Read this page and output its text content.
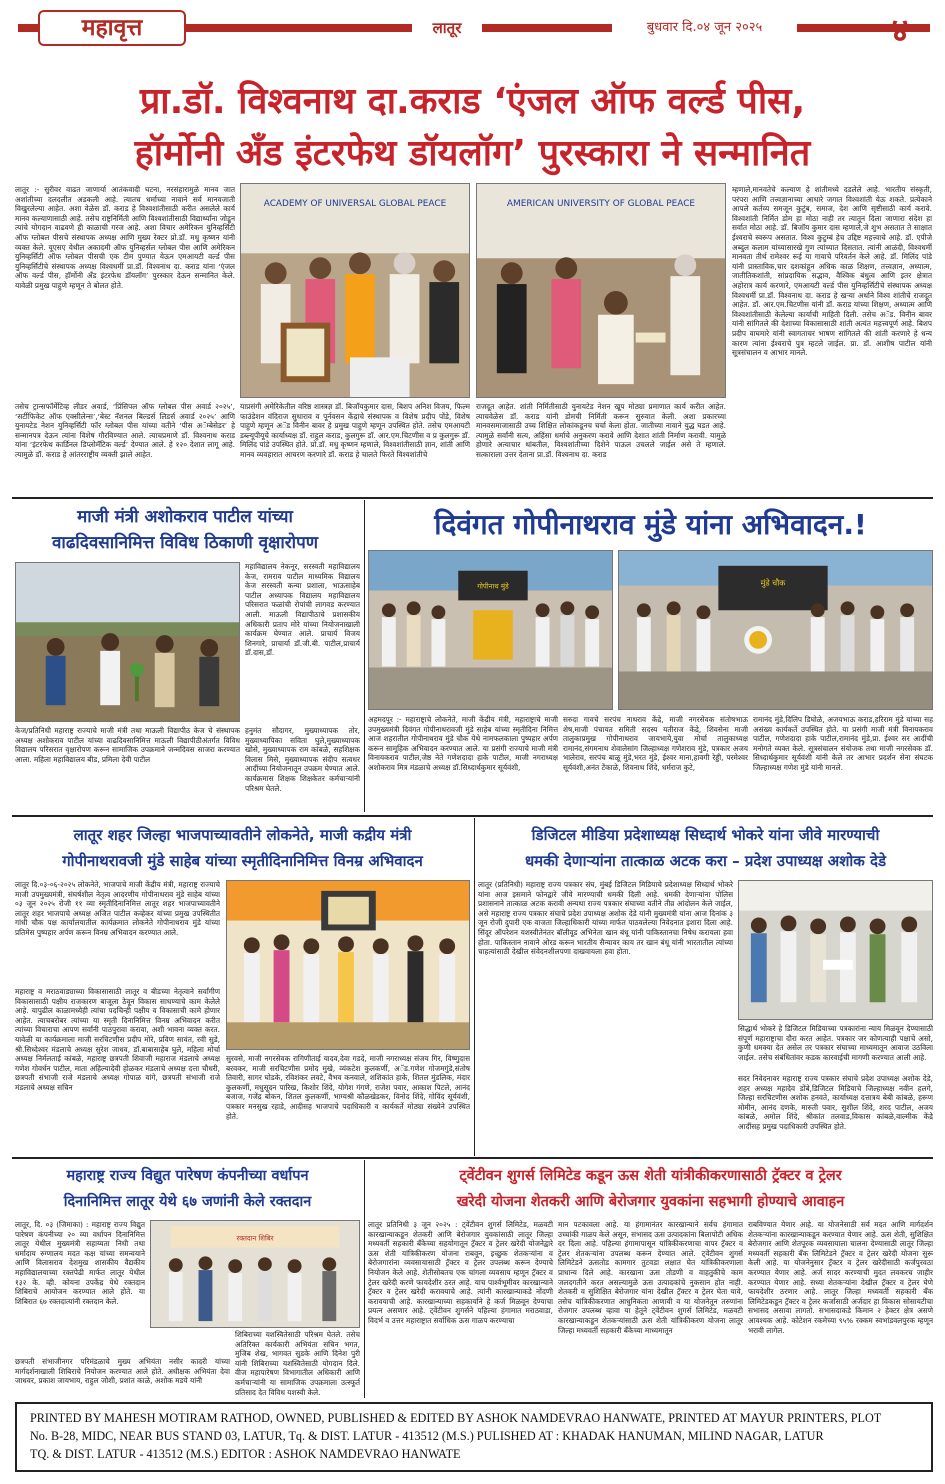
महावृत्त	लातूर	बुधवार दि.०४ जून २०२५	४
प्रा.डॉ. विश्वनाथ दा.कराड ‘एंजल ऑफ वर्ल्ड पीस,
हॉर्मोनी अँड इंटरफेथ डॉयलॉग’ पुरस्कारा ने सन्मानित
लातूर :- सुरीवर वाढत जाणार्या आतंकवादी घटना, नरसंहारामुळे मानव जात अशांतीच्या दलदलीत अडकली आहे. त्यातच धर्माच्या नावाने सर्व मानवजाती विखुरलेल्या आहेत. अशा वेळेस डॉ. कराड हे विश्वशांतीसाठी करीत असलेले कार्य मानव कल्याणासाठी आहे. तसेच राष्ट्रनिर्मिती आणि विश्वशांतीसाठी विद्यार्थ्यांना जोडून त्यांचे योगदान वाढवणे ही काळाची गरज आहे. अशा विचार अमेरिकन युनिव्हर्सिटी ऑफ ग्लोबल पीसचे संस्थापक अध्यक्ष आणि मुख्य रेक्टर प्रो.डॉ. मधु कृष्णन यांनी व्यक्त केले. यूएसए येथील अकादमी ऑफ युनिव्हर्सल ग्लोबल पीस आणि अमेरिकन युनिव्हर्सिटी ऑफ ग्लोबल पीसची एक टीम पुण्यात येऊन एमआयटी वर्ल्ड पीस युनिव्हर्सिटीचे संस्थापक अध्यक्ष विश्वधर्मी प्रा.डॉ. विश्वनाथ दा. कराड यांना ‘एंजल ऑफ वर्ल्ड पीस, हॉर्मोनी अँड इंटरफेथ डॉयलॉग’ पुरस्कार देऊन सन्मानित केले. यावेळी प्रमुख पाहुणे म्हणून ते बोलत होते.
ACADEMY OF UNIVERSAL GLOBAL PEACE	AMERICAN UNIVERSITY OF GLOBAL PEACE
म्हणाले,मानवतेचे कल्याण हे शांतीमध्ये दडलेले आहे. भारतीय संस्कृती, परंपरा आणि तत्त्वज्ञानाच्या आधारे जगात विश्वशांती येऊ शकते. प्रत्येकाने आपले कर्तव्य समजून कुटुंब, समाज, देश आणि सृष्टीसाठी कार्य करावे. विश्वशांती निर्मित डोम हा मोठा नाही तर त्यातून दिला जाणारा संदेश हा सर्वात मोठा आहे. डॉ. बिजॉय कुमार दास म्हणाले,जे शुभ असतात ते साक्षात ईश्वराचे स्वरूप असतात. विश्व कुटुम्बं हेच उद्दिष्ट महत्त्वाचे आहे. डॉ. एपीजे अब्दुल कलाम यांच्यासारखे गुण त्यांच्यात दिसतात. त्यांनी आळंदी, विश्वधर्मी मानवता तीर्थ रामेश्वर रूई या गावाचे परिवर्तन केले आहे. डॉ. मिलिंद पांडे यांनी प्रास्ताविक,चार दशकांहून अधिक काळ शिक्षण, तत्त्वज्ञान, अध्यात्म, जातीतिकशांती, सांप्रदायिक सद्भाव, वैश्विक बंधुत्व आणि इतर क्षेत्रात अहोरात्र कार्य करणारे, एमआयटी वर्ल्ड पीस युनिव्हर्सिटीचे संस्थापक अध्यक्ष विश्वधर्मी प्रा.डॉ. विश्वनाथ दा. कराड हे खऱ्या अर्थाने विश्व शांतीचे राजदूत आहेत. डॉ. आर.एम.चिटणीस यांनी डॉ. कराड यांच्या शिक्षण, अध्यात्म आणि विश्वशांतीसाठी केलेल्या कार्याची माहिती दिली. तसेच अॅड. विनीन बावर यांनी सांगितले की देशाच्या विकासासाठी शांती अत्यंत महत्त्वपूर्ण आहे. बिशप प्रदीप वाघमारे यांनी स्वागताचर भाषण सांगितले की शांती करणारे हे धन्य कारण त्यांना ईश्वराचे पुत्र म्हटले जाईल. प्रा. डॉ. आशीष पाटील यांनी सूत्रसंचालन व आभार मानले.
तसेच ट्रान्सफॉर्मेटिव्ह लीडर अवार्ड, ‘प्रिंसिपल ऑफ ग्लोबल पीस अवार्ड २०२५’, ‘सर्टीफिकेट ऑफ एक्सीलेन्स’,‘बेस्ट नॅशनल बिल्डर्स लिडर्स अवार्ड २०२५’ आणि युनायटेड नेशन युनिव्हर्सिटी फॉर ग्लोबल पीस यांच्या वतीने ‘पीस अॅम्बेसेडर’ हे सन्मानपत्र देऊन त्यांना विशेष गौरविण्यात आले. त्याचप्रमाणे डॉ. विश्वनाथ कराड यांना ‘इंटरफेथ कार्डिनल डिप्लोमॅटिक वर्ल्ड’ देण्यात आले. हे १२० देशात लागू आहे. त्यामुळे डॉ. कराड हे आंतरराष्ट्रीय व्यक्ती झाले आहेत.
याप्रसंगी अमेरिकेतील वरिष्ठ शास्त्रज्ञ डॉ. बिजॉयकुमार दास, बिशप अनिश विजय, फिल्म फाउंडेशन वंदिराज सुधाराव व पूर्नवसन केंद्राचे संस्थापक व विशेष प्रदीप पोंडे, विशेष पाहुणे म्हणून अॅड विनीन बावर हे प्रमुख पाहुणे म्हणून उपस्थित होते. तसेच एमआयटी डब्ल्यूपीयूचे कार्याध्यक्ष डॉ. राहुल कराड, कुलगुरू डॉ. आर.एम.चिटणीस व प्र कुलगुरू डॉ. मिलिंद पांडे उपस्थित होते. प्रो.डॉ. मधु कृष्णन म्हणाले, विश्वशांतीसाठी ज्ञान, शांती आणि मानव व्यवहारात आचरण करणारे डॉ. कराड हे चालते फिरते विश्वशांतीचे
राजदूत आहेत. शांती निर्मितीसाठी युनायटेड नेशन खूप मोठ्या प्रमाणात कार्य करीत आहेत. त्याचवेळेस डॉ. कराड यांनी डोमची निर्मिती करून सुरुवात केली. अशा प्रकारच्या मानवसमाजासाठी उच्च शिक्षित लोकांकडूनच चर्चा केला होता. जातीच्या नावाने युद्ध घडत आहे. त्यामुळे सर्वांनी सत्य, अहिंसा धर्माचे अनुकरण करावे आणि देशात शांती निर्माण करावी. यामुळे होणारे अत्याचार थांबतील, विश्वशांतीच्या दिशेने पाऊल उचलले जाईल असे ते म्हणाले. सत्काराला उत्तर देताना प्रा.डॉ. विश्वनाथ दा. कराड
माजी मंत्री अशोकराव पाटील यांच्या
वाढदिवसानिमित्त विविध ठिकाणी वृक्षारोपण
महाविद्यालय नेकनूर, सरस्वती महाविद्यालय केज, रामराव पाटील माध्यमिक विद्यालय केज सरस्वती कन्या प्रशाला, भाऊसाहेब पाटील अध्यापक विद्यालय महाविद्यालय परिसरात फळांची रोपांची लागवड करण्यात आली. माऊली विद्यापीठाचे प्रशासकीय अधिकारी प्रताप मोरे यांच्या नियोजनाखाली कार्यक्रम घेण्यात आले. प्राचार्य विजय शिनगारे, प्राचार्या डॉ.जी.बी. पाटील,प्राचार्य डॉ.दास,डॉ.
केज/प्रतिनिधी महाराष्ट्र राज्याचे माजी मंत्री तथा माऊली विद्यापीठ केज चे संस्थापक अध्यक्ष अशोकराव पाटील यांच्या वाढदिवसानिमित्त माऊली विद्यापीठीअंतर्गत विविध विद्यालय परिसरात वृक्षारोपण करून सामाजिक उपक्रमाने जन्मदिवस साजरा करण्यात आला. महिला महाविद्यालय बीड, प्रमिला देवी पाटील
हनुमंत सौदागर, मुख्याध्यापक तोर, मुख्याध्यापिका सविता घुले,मुख्याध्यापक खोसे, मुख्याध्यापक राम कांबळे, सहशिक्षक विलास मिसे, मुख्याध्यापक संदीप सत्वधर आदींच्या नियोजनातून उपक्रम घेण्यात आले. कार्यक्रमास शिक्षक शिक्षकेतर कर्मचाऱ्यांनी परिश्रम घेतले.
दिवंगत गोपीनाथराव मुंडे यांना अभिवादन.!
गोपीनाथ मुंडे	मुंडे चौक
अहमदपूर :- महाराष्ट्राचे लोकनेते, माजी केंद्रीय मंत्री, महाराष्ट्राचे माजी उपमुख्यमंत्री दिवंगत गोपीनाथरावजी मुंडे साहेब यांच्या स्मृतीदिना निमित्त आज शहरातील गोपीनाथराव मुंडे चौक येथे नामफलकाला पुष्पहार अर्पण करून सामूहिक अभिवादन करण्यात आले. या प्रसंगी राज्याचे माजी मंत्री विनायकराव पाटील,जेष्ठ नेते गणेशदादा हाके पाटील, माजी नगराध्यक्ष अशोकराव मित्र मंडळाचे अध्यक्ष डॉ.सिध्दार्थकुमार सूर्यवंशी,
सरुदा गावचे सरपंच नाथराव केंद्रे, माजी नगरसेवक संतोषभाऊ शेष,माजी पंचायत समिती सदस्य यतीराज केंद्रे, शिवसेना माजी तालुकाप्रमुख गोपीनाथराव जायभाये,युवा मोर्चा तालुकाध्यक्ष रामानंद,संगमनाथ शेवालेसांग जिल्हाध्यक्ष गणेशराव मुंडे, पत्रकार अजय भालेराव, सरपंच बाळू मुंडे,भरत मुंडे, ईश्वर माना,हावगी रेड्डी, परमेश्वर सूर्यवंशी,अनंत टेंकाळे, शिवनाथ शिंदे, धर्मराज कुटे,
रामानंद मुंडे,दिलिप डिघोळे, अजयभाऊ कराड,हरिराम मुंडे यांच्या सह असंख्य कार्यकर्ते उपस्थित होते. या प्रसंगी माजी मंत्री विनायकराव पाटील, गणेशदादा हाके पाटील,रामानंद मुंडे,प्रा. ईश्वर सर आदींची मनोगते व्यक्त केले. सूत्रसंचालन संयोजक तथा माजी नगरसेवक डॉ. सिध्दार्थकुमार सूर्यवंशी यांनी केले तर आभार प्रदर्शन सेना संघटक जिल्हाध्यक्ष गणेश मुंडे यांनी मानले.
लातूर शहर जिल्हा भाजपाच्यावतीने लोकनेते, माजी कद्रीय मंत्री
गोपीनाथरावजी मुंडे साहेब यांच्या स्मृतीदिनानिमित्त विनम्र अभिवादन
लातूर दि.०३-०६-२०२५ लोकनेते, भाजपाचे माजी केंद्रीय मंत्री, महाराष्ट्र राज्याचे माजी उपमुख्यमंत्री, संघर्षशील नेतृत्व आदरणीय गोपीनाथराव मुंडे साहेब यांच्या ०३ जून २०२५ रोजी ११ व्या स्मृतीदिनानिमित्त लातूर शहर भाजपाच्यावतीने लातूर शहर भाजपाचे अध्यक्ष अजित पाटील कव्हेकर यांच्या प्रमुख उपस्थितीत गांधी चौक पक्ष कार्यालयातील कार्यक्रमात लोकनेते गोपीनाथराव मुंडे यांच्या प्रतिमेस पुष्पहार अर्पण करून विनम्र अभिवादन करण्यात आले.
महाराष्ट्र व मराठवाड्याच्या विकासासाठी लातूर व बीडच्या नेतृत्वाने सर्वांगीण विकासासाठी पक्षीय राजकारण बाजूला ठेवून विकास साधण्याचे काम केलेले आहे. यापुढील काळामध्येही त्यांचा पदचिन्ही पक्षीय व विकासाची कामे होणार आहेत. त्याचबरोबर त्यांच्या या स्मृती दिनानिमित्त विनम्र अभिवादन करीत त्यांच्या विचाराचा आपण सर्वांनी पाठपुरावा करावा, अशी भावना व्यक्त करत. यावेळी या कार्यक्रमाला माजी सरचिटणीस प्रदीप मोरे, प्रविण सावंत, रवी सुडे, श्री.सिध्देश्वर मंडलाचे अध्यक्ष सुरेश जाधव, डॉ.बाबासाहेब घुले, महिला मोर्चा अध्यक्ष निर्मलताई कांबळे, महाराष्ट्र छत्रपती शिवाजी महाराज मंडलाचे अध्यक्ष गणेश गोवर्धन पाटील, माता अहिल्यादेवी होळकर मंडलाचे अध्यक्ष दत्ता चौधरी, छत्रपती संभाजी राजे मंडलाचे अध्यक्ष गोपाळ वांगे, छत्रपती संभाजी राजे मंडलाचे अध्यक्ष सचिन
सुरवसे, माजी नगरसेवक रागिणीताई यादव,देवा गडदे, माजी नगराध्यक्ष संजय गिर, विष्णुदास बरवकर, माजी सरचिटणीस प्रमोद मुखे, व्यंकटेश कुलकर्णी, अॅड.गणेश गोजमगुंडे,संतोष तिवारी, सागर घोडके, रविशंकर लवटे, वैभव कनवाले, शशिकांत हाके, शितल मुंडलिक, मंदार कुलकर्णी, मधुसूदन पारिख, किशोर शिंदे, योगेश गंगणे, राजेश पवार, आकाश पिटले, आनंद बजाज, गजेंद्र बोकन, शितल कुलकर्णी, भाग्यश्री कौळखेडकर, विनोद शिंदे, गोविंद सूर्यवंशी, पत्रकार मनसुख रहाडे, आदीसह भाजपाचे पदाधिकारी व कार्यकर्ते मोठ्या संख्येने उपस्थित होते.
डिजिटल मीडिया प्रदेशाध्यक्ष सिध्दार्थ भोकरे यांना जीवे मारण्याची
धमकी देणाऱ्यांना तात्काळ अटक करा – प्रदेश उपाध्यक्ष अशोक देडे
लातूर (प्रतिनिधी) महाराष्ट्र राज्य पत्रकार संघ, मुंबई डिजिटल मिडियाचे प्रदेशाध्यक्ष सिध्दार्थ भोकरे यांना आज इसमाने फोनद्वारे जीवे मारण्याची धमकी दिली आहे. धमकी देणाऱ्यांना पोलिस प्रशासनाने तात्काळ अटक करावी अन्यथा राज्य पत्रकार संघाच्या वतीने तीव्र आंदोलन केले जाईल, असे महाराष्ट्र राज्य पत्रकार संघाचे प्रदेश उपाध्यक्ष अशोक देडे यांनी मुख्यमंत्री यांना आज दिनांक ३ जून रोजी दुपारी एक वाजता जिल्हाधिकारी यांच्या मार्फत पाठवलेल्या निवेदनात इशारा दिला आहे. सिंदूर ऑपरेशन यशस्वीतेनंतर बॉलीवूड अभिनेता खान बंधू यांनी पाकिस्तानचा निषेध करायला हवा होता. पाकिस्तान नावाने ओरड करून भारतीय सैन्यावर काय तर खान बंधू यांनी भारतातील त्यांच्या चाहत्यांसाठी देखील संवेदनशीलपणा दाखवायला हवा होता.
सिद्धार्थ भोकरे हे डिजिटल मिडियाच्या पत्रकारांना न्याय मिळवून देण्यासाठी संपूर्ण महाराष्ट्राचा दौरा करत आहेत. पत्रकार जर कोणत्याही पक्षाचे असो, कुणी धमक्या देत असेल तर पत्रकार संघाच्या माध्यमातून आवाज उठविला जाईल. तसेच संबंधितांवर कडक कारवाईची मागणी करण्यात आली आहे.
सदर निवेदनावर महाराष्ट्र राज्य पत्रकार संघाचे प्रदेश उपाध्यक्ष अशोक देडे, शहर अध्यक्ष महादेव डोंबे,डिजिटल मिडियाचे जिल्हाध्यक्ष नवीन हलगे, जिल्हा सरचिटणीस अशोक हनवते, कार्याध्यक्ष दत्तात्रय बेबी कांबळे, हरूण मोमीन, आनंद दणके, मारुती पवार, सुशील शिंदे, शरद पाटील, अजय कांबळे, अमोल शिंदे, श्रीकांत तलवाड,विकास कांबळे,वाल्मीक केंद्रे आदींसह प्रमुख पदाधिकारी उपस्थित होते.
महाराष्ट्र राज्य विद्युत पारेषण कंपनीच्या वर्धापन
दिनानिमित्त लातूर येथे ६७ जणांनी केले रक्तदान
लातूर, दि. ०३ (जिमाका) : महाराष्ट्र राज्य विद्युत पारेषण कंपनीच्या २० व्या वर्धापन दिनानिमित्त लातूर येथील मुख्यमंत्री सहाय्यता निधी तथा धर्मादाय रुग्णालय मदत कक्ष यांच्या समन्वयाने आणि विलासराव देशमुख शासकीय वैद्यकीय महाविद्यालयाच्या रक्तपेढी मार्फत लातूर येथील १३२ के. व्ही. कोयना उपकेंद्र येथे रक्तदान शिबिराचे आयोजन करण्यात आले होते. या शिबिरात ६७ रक्तदात्यांनी रक्तदान केले.
रक्तदान शिबिर
छत्रपती संभाजीनगर परिमंडळाचे मुख्य अभियंता नसीर कादरी यांच्या मार्गदर्शनाखाली शिबिराचे नियोजन करण्यात आले होते. अधीक्षक अभियंता देवा जाधवर, प्रकाश जायभाय, राहुल जोशी, प्रशांत काळे, अशोक मडये यांनी
शिबिराच्या यशस्वितेसाठी परिश्रम घेतले. तसेच अतिरिक्त कार्यकारी अभियंता सचिन भगत, मुजिब शेख, भागवत सुडके आणि दिनेश पुरी यांनी शिबिराच्या यशस्वितेसाठी योगदान दिले. वीज महापारेषण विभागातील अधिकारी आणि कर्मचाऱ्यांनी या सामाजिक उपक्रमाला उत्स्फूर्त प्रतिसाद देत विविध यशस्वी केले.
ट्वेंटीवन शुगर्स लिमिटेड कडून ऊस शेती यांत्रीकीकरणासाठी ट्रॅक्टर व ट्रेलर
खरेदी योजना शेतकरी आणि बेरोजगार युवकांना सहभागी होण्याचे आवाहन
लातूर प्रतिनिधी ३ जून २०२५ : ट्वेंटीवन शुगर्स लिमिटेड, मळवटी कारखान्याकडून शेतकरी आणि बेरोजगार युवकांसाठी लातूर जिल्हा मध्यवर्ती सहकारी बँकेच्या सहयोगातून ट्रॅक्टर व ट्रेलर खरेदी योजनेद्वारे ऊस शेती यांत्रिकीकरण योजना राबवून, इच्छुक शेतकऱ्यांना व बेरोजगारांना व्यवसायासाठी ट्रॅक्टर व ट्रेलर उपलब्ध करून देण्याचे नियोजन केले आहे. शेतीसोबतच एक चांगला व्यवसाय म्हणून ट्रॅक्टर व ट्रेलर खरेदी करणे फायदेशीर ठरत आहे. याच पार्श्वभूमीवर कारखान्याने ट्रॅक्टर व ट्रेलर खरेदी करावयाचे आहे. त्यांनी कारखान्याकडे नोंदणी करावयाची आहे. कारखान्याच्या सहकार्याने हे कर्ज मिळवून देण्याचा प्रयत्न असणार आहे. ट्वेंटीवन शुगर्सने पहिल्या हंगामात मराठवाडा, विदर्भ व उत्तर महाराष्ट्रात सर्वाधिक ऊस गाळप करण्याचा
मान पटकावला आहे. या हंगामानंतर कारखान्याने सर्वच हंगामात उच्चांकी गाळप केले असून, सभासद ऊस उत्पादकांना बिलापोटी अधिक दर दिला आहे. पहिल्या हंगामापासून यांत्रिकीकरणाचा वापर ट्रॅक्टर व ट्रेलर शेतकऱ्यांना उपलब्ध करून देण्यात आले. ट्वेंटीवन शुगर्स लिमिटेडने ऊसतोड कामगार तुटवडा लक्षात घेत यांत्रिकीकरणाला प्राधान्य दिले आहे. कारखाना ऊस तोडणी व वाहतुकीचे काम जलदगतीने करत असल्यामुळे ऊस उत्पादकांचे नुकसान होत नाही. शेतकरी व सुशिक्षित बेरोजगार यांना देखील ट्रॅक्टर व ट्रेलर घेता यावे, तसेच यांत्रिकीकरणात आधुनिकता आणावी व या योजनेतून तरुणांना रोजगार उपलब्ध व्हावा या हेतूने ट्वेंटीवन शुगर्स लिमिटेड, मळवटी कारखान्याकडून शेतकऱ्यांसाठी ऊस शेती यांत्रिकीकरण योजना लातूर जिल्हा मध्यवर्ती सहकारी बँकेच्या माध्यमातून
राबविण्यात येणार आहे. या योजनेसाठी सर्व मदत आणि मार्गदर्शन शेतकऱ्यांना कारखान्याकडून करण्यात येणार आहे. ऊस शेती, सुशिक्षित बेरोजगार आणि शेतपूरक व्यवसायाला चालना देण्यासाठी लातूर जिल्हा मध्यवर्ती सहकारी बँक लिमिटेडने ट्रॅक्टर व ट्रेलर खरेदी योजना सुरू केली आहे. या योजनेनुसार ट्रॅक्टर व ट्रेलर खरेदीसाठी कर्जपुरवठा करण्यात येणार आहे. अर्ज सादर करण्याची मुदत लवकरच जाहीर करण्यात येणार आहे. सध्या शेतकऱ्यांना देखील ट्रॅक्टर व ट्रेलर घेणे फायदेशीर ठरणार आहे. लातूर जिल्हा मध्यवर्ती सहकारी बँक लिमिटेडकडून ट्रॅक्टर व ट्रेलर कर्जासाठी अर्जदार हा विकास सोसायटीचा सभासद असावा लागतो. सभासदाकडे किमान २ हेक्टर क्षेत्र असणे आवश्यक आहे. कोटेशन रकमेच्या ९५% रक्कम स्वभांडवलपुरक म्हणून भरावी लागेल.
PRINTED BY MAHESH MOTIRAM RATHOD, OWNED, PUBLISHED & EDITED BY ASHOK NAMDEVRAO HANWATE, PRINTED AT MAYUR PRINTERS, PLOT
No. B-28, MIDC, NEAR BUS STAND 03, LATUR, Tq. & DIST. LATUR - 413512 (M.S.) PULISHED AT : KHADAK HANUMAN, MILIND NAGAR, LATUR
TQ. & DIST. LATUR - 413512 (M.S.) EDITOR : ASHOK NAMDEVRAO HANWATE
